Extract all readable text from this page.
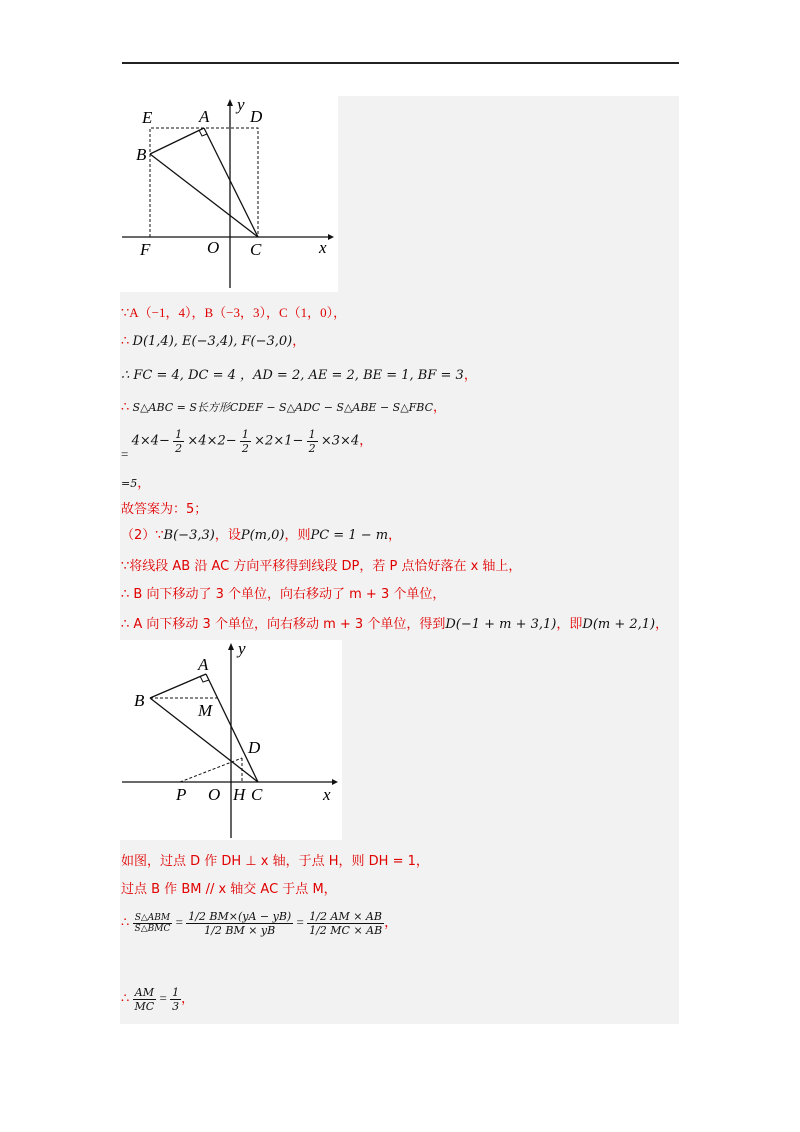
E	A D
y
B
F	O C	x
∵A（−1，4），B（−3，3），C（1，0），
∴ D(1,4), E(−3,4), F(−3,0)，
∴ FC = 4, DC = 4 ，AD = 2, AE = 2, BE = 1, BF = 3，
∴ S△ABC = S长方形CDEF − S△ADC − S△ABE − S△FBC，
= $4\times 4- \frac{1}{2} \times 4\times 2- \frac{1}{2} \times 2\times 1- \frac{1}{2} \times 3\times 4$，
=5，
故答案为：5；
（2）∵B(−3,3)，设P(m,0)，则PC = 1 − m，
∵将线段 AB 沿 AC 方向平移得到线段 DP，若 P 点恰好落在 x 轴上，
∴ B 向下移动了 3 个单位，向右移动了 m + 3 个单位，
∴ A 向下移动 3 个单位，向右移动 m + 3 个单位，得到D(−1 + m + 3,1)，即D(m + 2,1)，
A
y
B
M
D
P O H C	x
如图，过点 D 作 DH ⊥ x 轴，于点 H，则 DH = 1，
过点 B 作 BM // x 轴交 AC 于点 M，
∴ $\frac{\text{S△ABM}}{\text{S△BMC}} = \frac{1/2 BM\times(yA - yB)}{1/2 BM \times yB} = \frac{1/2 AM \times AB}{1/2 MC \times AB}$ ，
∴ $\frac{AM}{MC} = \frac{1}{3}$ ，
